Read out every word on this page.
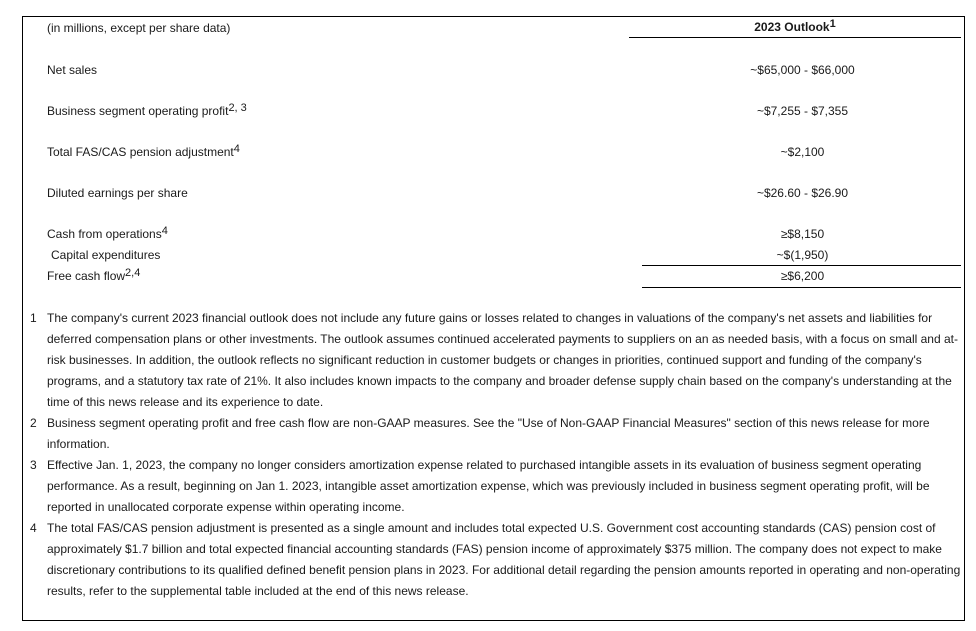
(in millions, except per share data)	2023 Outlook$^1$
Net sales	~$65,000 - $66,000
Business segment operating profit$^{2, 3}$	~$7,255 - $7,355
Total FAS/CAS pension adjustment$^4$	~$2,100
Diluted earnings per share	~$26.60 - $26.90
Cash from operations$^4$	≥$8,150
Capital expenditures	~$(1,950)
Free cash flow$^{2,4}$	≥$6,200
1 The company's current 2023 financial outlook does not include any future gains or losses related to changes in valuations of the company's net assets and liabilities for deferred compensation plans or other investments. The outlook assumes continued accelerated payments to suppliers on an as needed basis, with a focus on small and at-risk businesses. In addition, the outlook reflects no significant reduction in customer budgets or changes in priorities, continued support and funding of the company's programs, and a statutory tax rate of 21%. It also includes known impacts to the company and broader defense supply chain based on the company's understanding at the time of this news release and its experience to date.
2 Business segment operating profit and free cash flow are non-GAAP measures. See the "Use of Non-GAAP Financial Measures" section of this news release for more information.
3 Effective Jan. 1, 2023, the company no longer considers amortization expense related to purchased intangible assets in its evaluation of business segment operating performance. As a result, beginning on Jan 1. 2023, intangible asset amortization expense, which was previously included in business segment operating profit, will be reported in unallocated corporate expense within operating income.
4 The total FAS/CAS pension adjustment is presented as a single amount and includes total expected U.S. Government cost accounting standards (CAS) pension cost of approximately $1.7 billion and total expected financial accounting standards (FAS) pension income of approximately $375 million. The company does not expect to make discretionary contributions to its qualified defined benefit pension plans in 2023. For additional detail regarding the pension amounts reported in operating and non-operating results, refer to the supplemental table included at the end of this news release.
